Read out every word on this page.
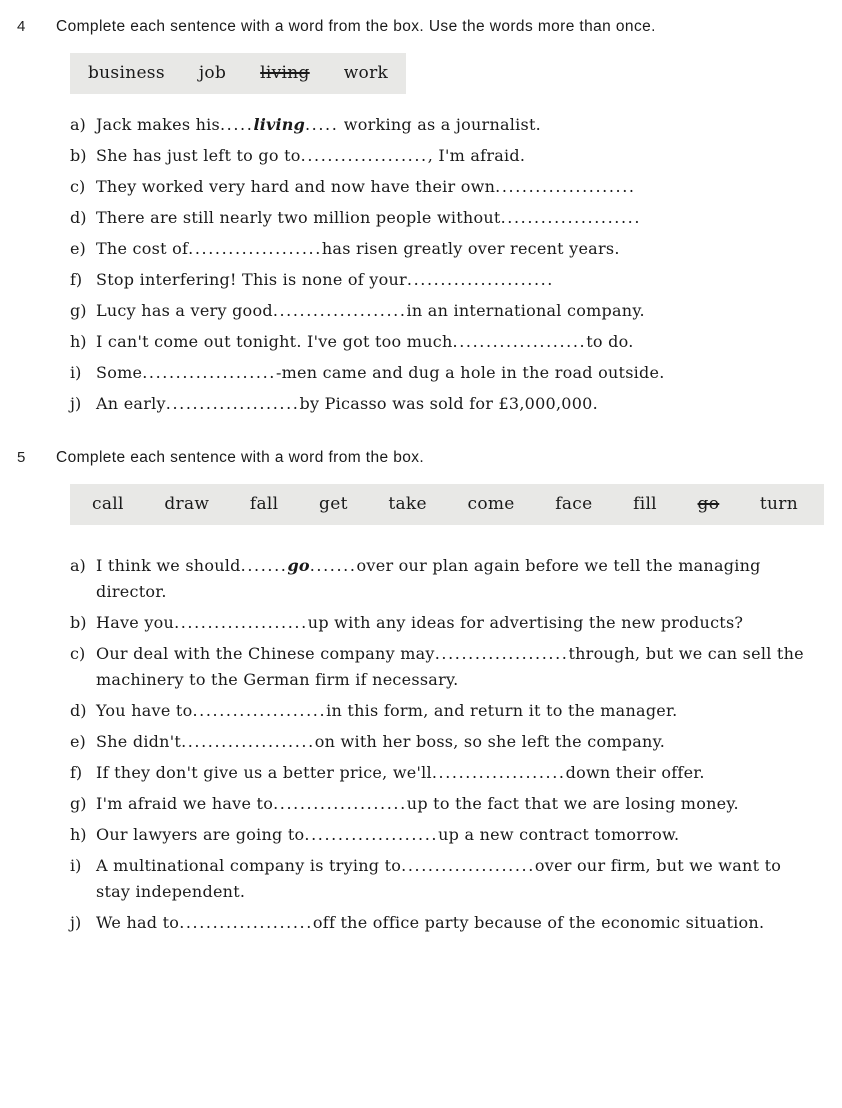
4	Complete each sentence with a word from the box. Use the words more than once.
business job living work
a) Jack makes his.....living..... working as a journalist.
b) She has just left to go to..................., I'm afraid.
c) They worked very hard and now have their own.....................
d) There are still nearly two million people without.....................
e) The cost of....................has risen greatly over recent years.
f) Stop interfering! This is none of your......................
g) Lucy has a very good....................in an international company.
h) I can't come out tonight. I've got too much....................to do.
i) Some....................-men came and dug a hole in the road outside.
j) An early....................by Picasso was sold for £3,000,000.
5	Complete each sentence with a word from the box.
call draw fall get take come face fill go turn
a) I think we should.......go.......over our plan again before we tell the managing director.
b) Have you....................up with any ideas for advertising the new products?
c) Our deal with the Chinese company may....................through, but we can sell the machinery to the German firm if necessary.
d) You have to....................in this form, and return it to the manager.
e) She didn't....................on with her boss, so she left the company.
f) If they don't give us a better price, we'll....................down their offer.
g) I'm afraid we have to....................up to the fact that we are losing money.
h) Our lawyers are going to....................up a new contract tomorrow.
i) A multinational company is trying to....................over our firm, but we want to stay independent.
j) We had to....................off the office party because of the economic situation.
